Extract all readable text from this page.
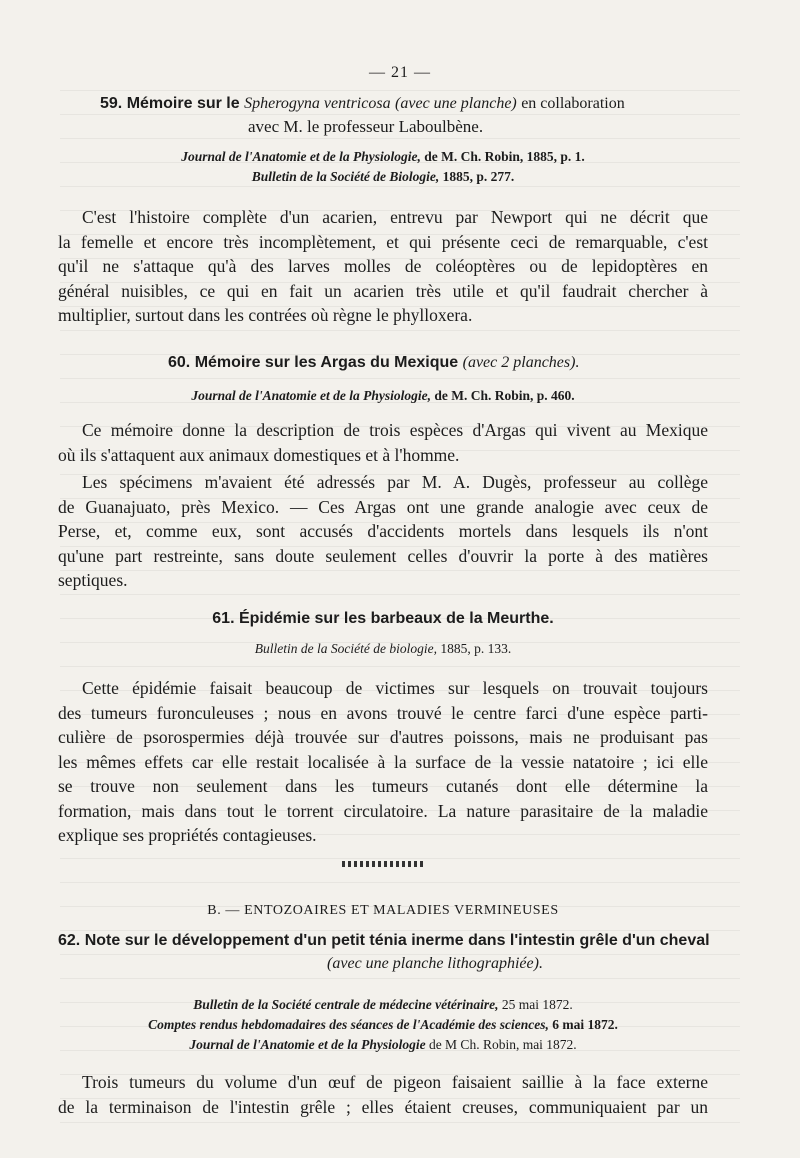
— 21 —
59. Mémoire sur le Spherogyna ventricosa (avec une planche) en collaboration
avec M. le professeur Laboulbène.
Journal de l'Anatomie et de la Physiologie, de M. Ch. Robin, 1885, p. 1.
Bulletin de la Société de Biologie, 1885, p. 277.
C'est l'histoire complète d'un acarien, entrevu par Newport qui ne décrit que
la femelle et encore très incomplètement, et qui présente ceci de remarquable, c'est
qu'il ne s'attaque qu'à des larves molles de coléoptères ou de lepidoptères en
général nuisibles, ce qui en fait un acarien très utile et qu'il faudrait chercher à
multiplier, surtout dans les contrées où règne le phylloxera.
60. Mémoire sur les Argas du Mexique (avec 2 planches).
Journal de l'Anatomie et de la Physiologie, de M. Ch. Robin, p. 460.
Ce mémoire donne la description de trois espèces d'Argas qui vivent au Mexique
où ils s'attaquent aux animaux domestiques et à l'homme.
Les spécimens m'avaient été adressés par M. A. Dugès, professeur au collège
de Guanajuato, près Mexico. — Ces Argas ont une grande analogie avec ceux de
Perse, et, comme eux, sont accusés d'accidents mortels dans lesquels ils n'ont
qu'une part restreinte, sans doute seulement celles d'ouvrir la porte à des matières
septiques.
61. Épidémie sur les barbeaux de la Meurthe.
Bulletin de la Société de biologie, 1885, p. 133.
Cette épidémie faisait beaucoup de victimes sur lesquels on trouvait toujours
des tumeurs furonculeuses ; nous en avons trouvé le centre farci d'une espèce parti-
culière de psorospermies déjà trouvée sur d'autres poissons, mais ne produisant pas
les mêmes effets car elle restait localisée à la surface de la vessie natatoire ; ici elle
se trouve non seulement dans les tumeurs cutanés dont elle détermine la
formation, mais dans tout le torrent circulatoire. La nature parasitaire de la maladie
explique ses propriétés contagieuses.
B. — ENTOZOAIRES ET MALADIES VERMINEUSES
62. Note sur le développement d'un petit ténia inerme dans l'intestin grêle d'un cheval
(avec une planche lithographiée).
Bulletin de la Société centrale de médecine vétérinaire, 25 mai 1872.
Comptes rendus hebdomadaires des séances de l'Académie des sciences, 6 mai 1872.
Journal de l'Anatomie et de la Physiologie de M Ch. Robin, mai 1872.
Trois tumeurs du volume d'un œuf de pigeon faisaient saillie à la face externe
de la terminaison de l'intestin grêle ; elles étaient creuses, communiquaient par un
